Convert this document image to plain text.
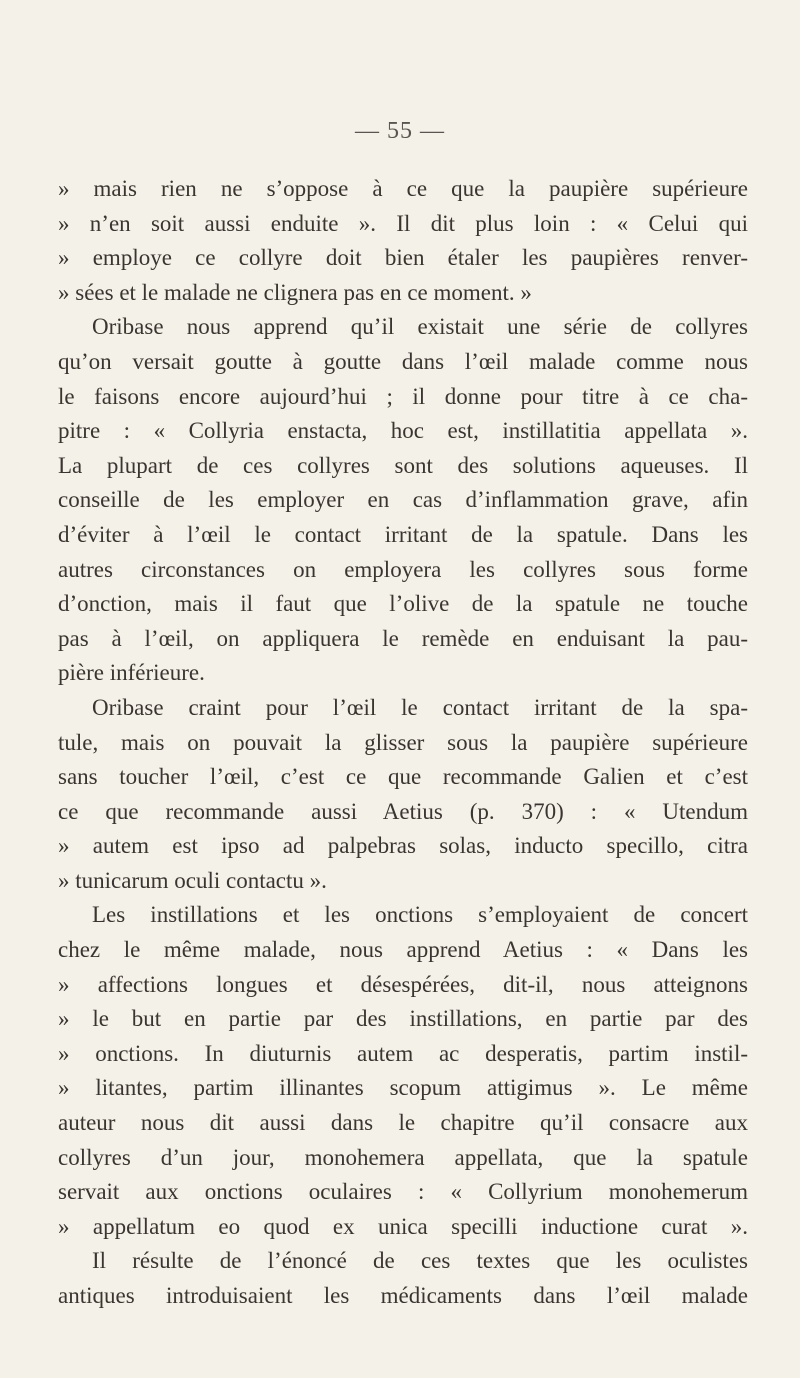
— 55 —
» mais rien ne s’oppose à ce que la paupière supérieure
» n’en soit aussi enduite ». Il dit plus loin : « Celui qui
» employe ce collyre doit bien étaler les paupières renver-
» sées et le malade ne clignera pas en ce moment. »
Oribase nous apprend qu’il existait une série de collyres
qu’on versait goutte à goutte dans l’œil malade comme nous
le faisons encore aujourd’hui ; il donne pour titre à ce cha-
pitre : « Collyria enstacta, hoc est, instillatitia appellata ».
La plupart de ces collyres sont des solutions aqueuses. Il
conseille de les employer en cas d’inflammation grave, afin
d’éviter à l’œil le contact irritant de la spatule. Dans les
autres circonstances on employera les collyres sous forme
d’onction, mais il faut que l’olive de la spatule ne touche
pas à l’œil, on appliquera le remède en enduisant la pau-
pière inférieure.
Oribase craint pour l’œil le contact irritant de la spa-
tule, mais on pouvait la glisser sous la paupière supérieure
sans toucher l’œil, c’est ce que recommande Galien et c’est
ce que recommande aussi Aetius (p. 370) : « Utendum
» autem est ipso ad palpebras solas, inducto specillo, citra
» tunicarum oculi contactu ».
Les instillations et les onctions s’employaient de concert
chez le même malade, nous apprend Aetius : « Dans les
» affections longues et désespérées, dit-il, nous atteignons
» le but en partie par des instillations, en partie par des
» onctions. In diuturnis autem ac desperatis, partim instil-
» litantes, partim illinantes scopum attigimus ». Le même
auteur nous dit aussi dans le chapitre qu’il consacre aux
collyres d’un jour, monohemera appellata, que la spatule
servait aux onctions oculaires : « Collyrium monohemerum
» appellatum eo quod ex unica specilli inductione curat ».
Il résulte de l’énoncé de ces textes que les oculistes
antiques introduisaient les médicaments dans l’œil malade
